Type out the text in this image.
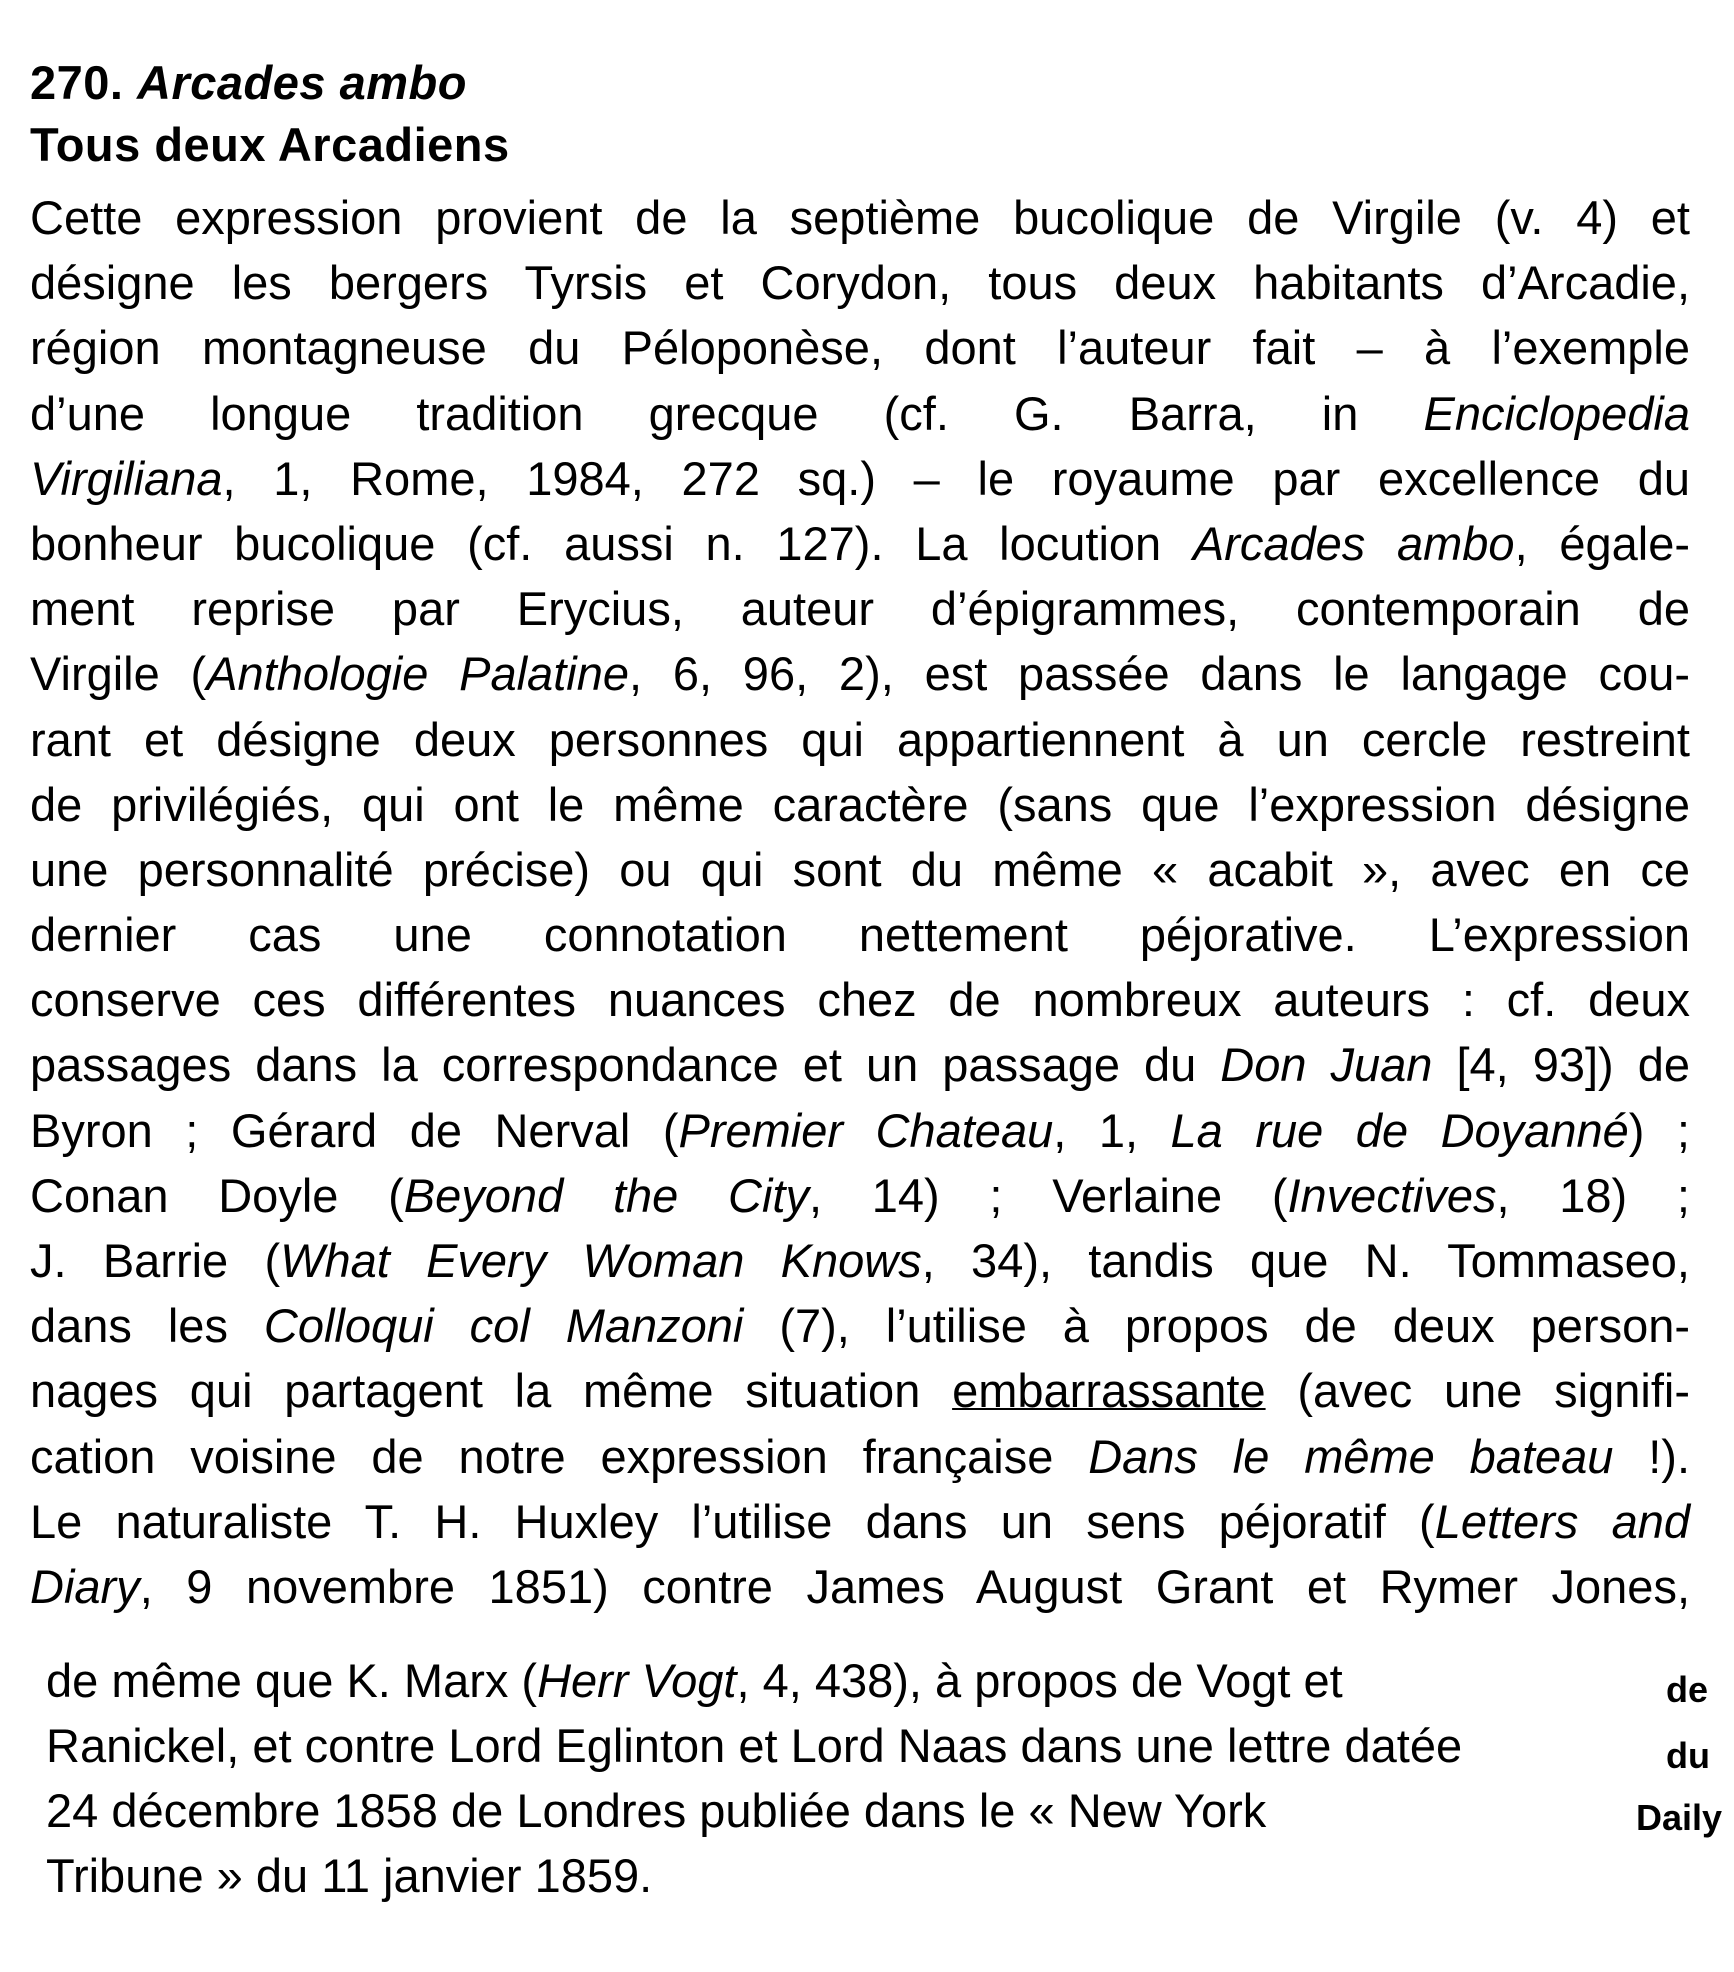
270. Arcades ambo
Tous deux Arcadiens
Cette expression provient de la septième bucolique de Virgile (v. 4) et
désigne les bergers Tyrsis et Corydon, tous deux habitants d’Arcadie,
région montagneuse du Péloponèse, dont l’auteur fait – à l’exemple
d’une longue tradition grecque (cf. G. Barra, in Enciclopedia
Virgiliana, 1, Rome, 1984, 272 sq.) – le royaume par excellence du
bonheur bucolique (cf. aussi n. 127). La locution Arcades ambo, égale-
ment reprise par Erycius, auteur d’épigrammes, contemporain de
Virgile (Anthologie Palatine, 6, 96, 2), est passée dans le langage cou-
rant et désigne deux personnes qui appartiennent à un cercle restreint
de privilégiés, qui ont le même caractère (sans que l’expression désigne
une personnalité précise) ou qui sont du même « acabit », avec en ce
dernier cas une connotation nettement péjorative. L’expression
conserve ces différentes nuances chez de nombreux auteurs : cf. deux
passages dans la correspondance et un passage du Don Juan [4, 93]) de
Byron ; Gérard de Nerval (Premier Chateau, 1, La rue de Doyanné) ;
Conan Doyle (Beyond the City, 14) ; Verlaine (Invectives, 18) ;
J. Barrie (What Every Woman Knows, 34), tandis que N. Tommaseo,
dans les Colloqui col Manzoni (7), l’utilise à propos de deux person-
nages qui partagent la même situation embarrassante (avec une signifi-
cation voisine de notre expression française Dans le même bateau !).
Le naturaliste T. H. Huxley l’utilise dans un sens péjoratif (Letters and
Diary, 9 novembre 1851) contre James August Grant et Rymer Jones,
de même que K. Marx (Herr Vogt, 4, 438), à propos de Vogt et
Ranickel, et contre Lord Eglinton et Lord Naas dans une lettre datée
24 décembre 1858 de Londres publiée dans le « New York
Tribune » du 11 janvier 1859.
de
du
Daily
